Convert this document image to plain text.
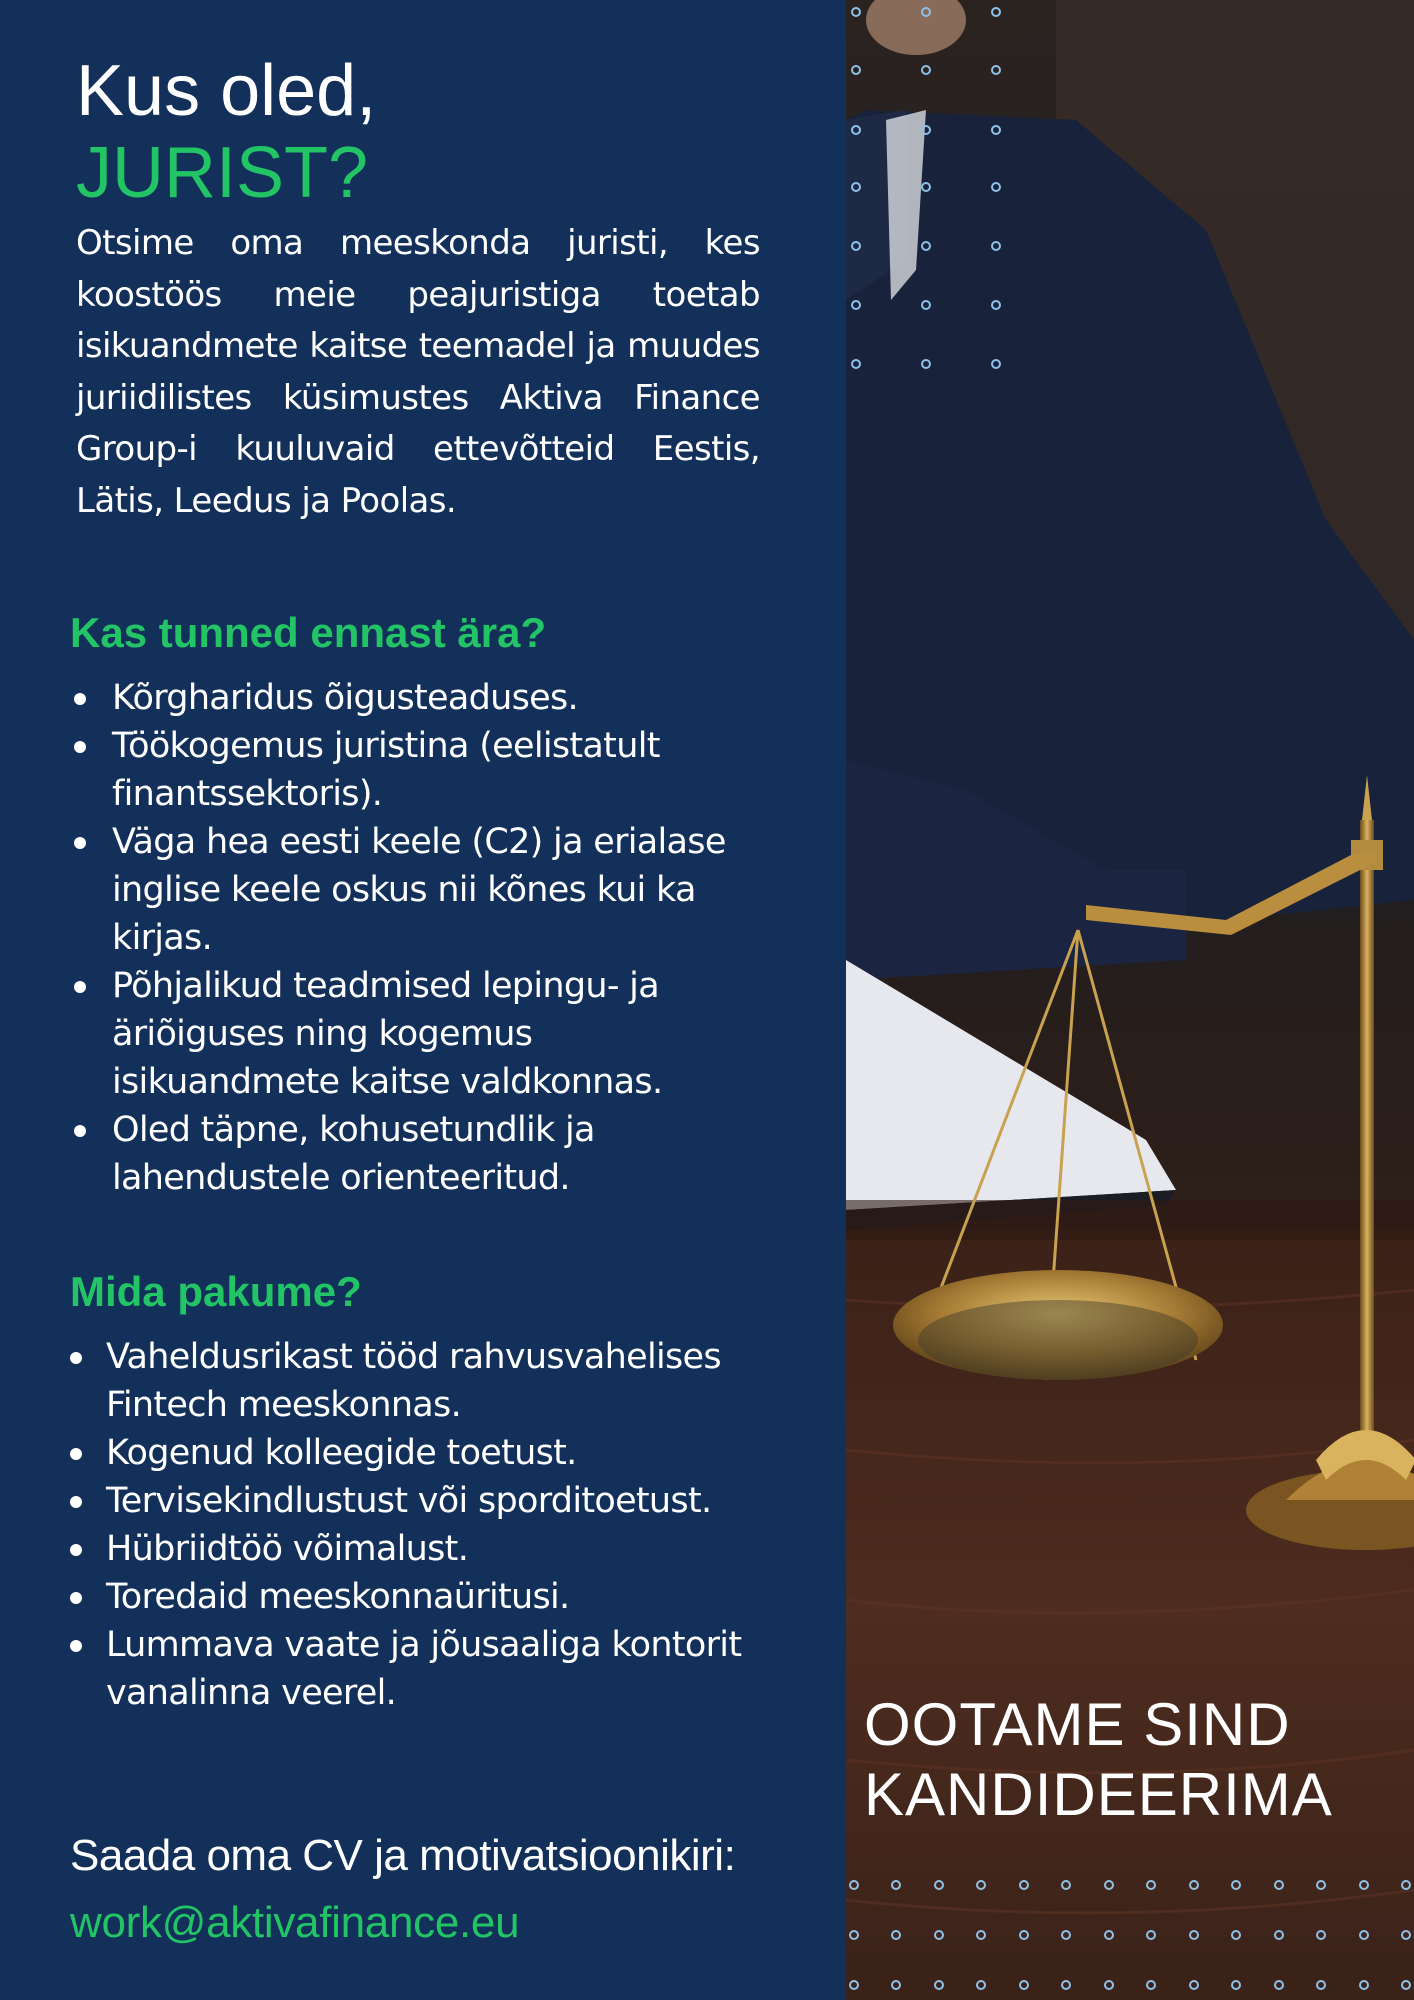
Kus oled,
JURIST?

Otsime oma meeskonda juristi, kes koostöös meie peajuristiga toetab isikuandmete kaitse teemadel ja muudes juriidilistes küsimustes Aktiva Finance Group-i kuuluvaid ettevõtteid Eestis, Lätis, Leedus ja Poolas.

Kas tunned ennast ära?
Kõrgharidus õigusteaduses.
Töökogemus juristina (eelistatult finantssektoris).
Väga hea eesti keele (C2) ja erialase inglise keele oskus nii kõnes kui ka kirjas.
Põhjalikud teadmised lepingu- ja äriõiguses ning kogemus isikuandmete kaitse valdkonnas.
Oled täpne, kohusetundlik ja lahendustele orienteeritud.
Mida pakume?
Vaheldusrikast tööd rahvusvahelises Fintech meeskonnas.
Kogenud kolleegide toetust.
Tervisekindlustust või sporditoetust.
Hübriidtöö võimalust.
Toredaid meeskonnaüritusi.
Lummava vaate ja jõusaaliga kontorit vanalinna veerel.
Saada oma CV ja motivatsioonikiri:
work@aktivafinance.eu
OOTAME SIND
KANDIDEERIMA
